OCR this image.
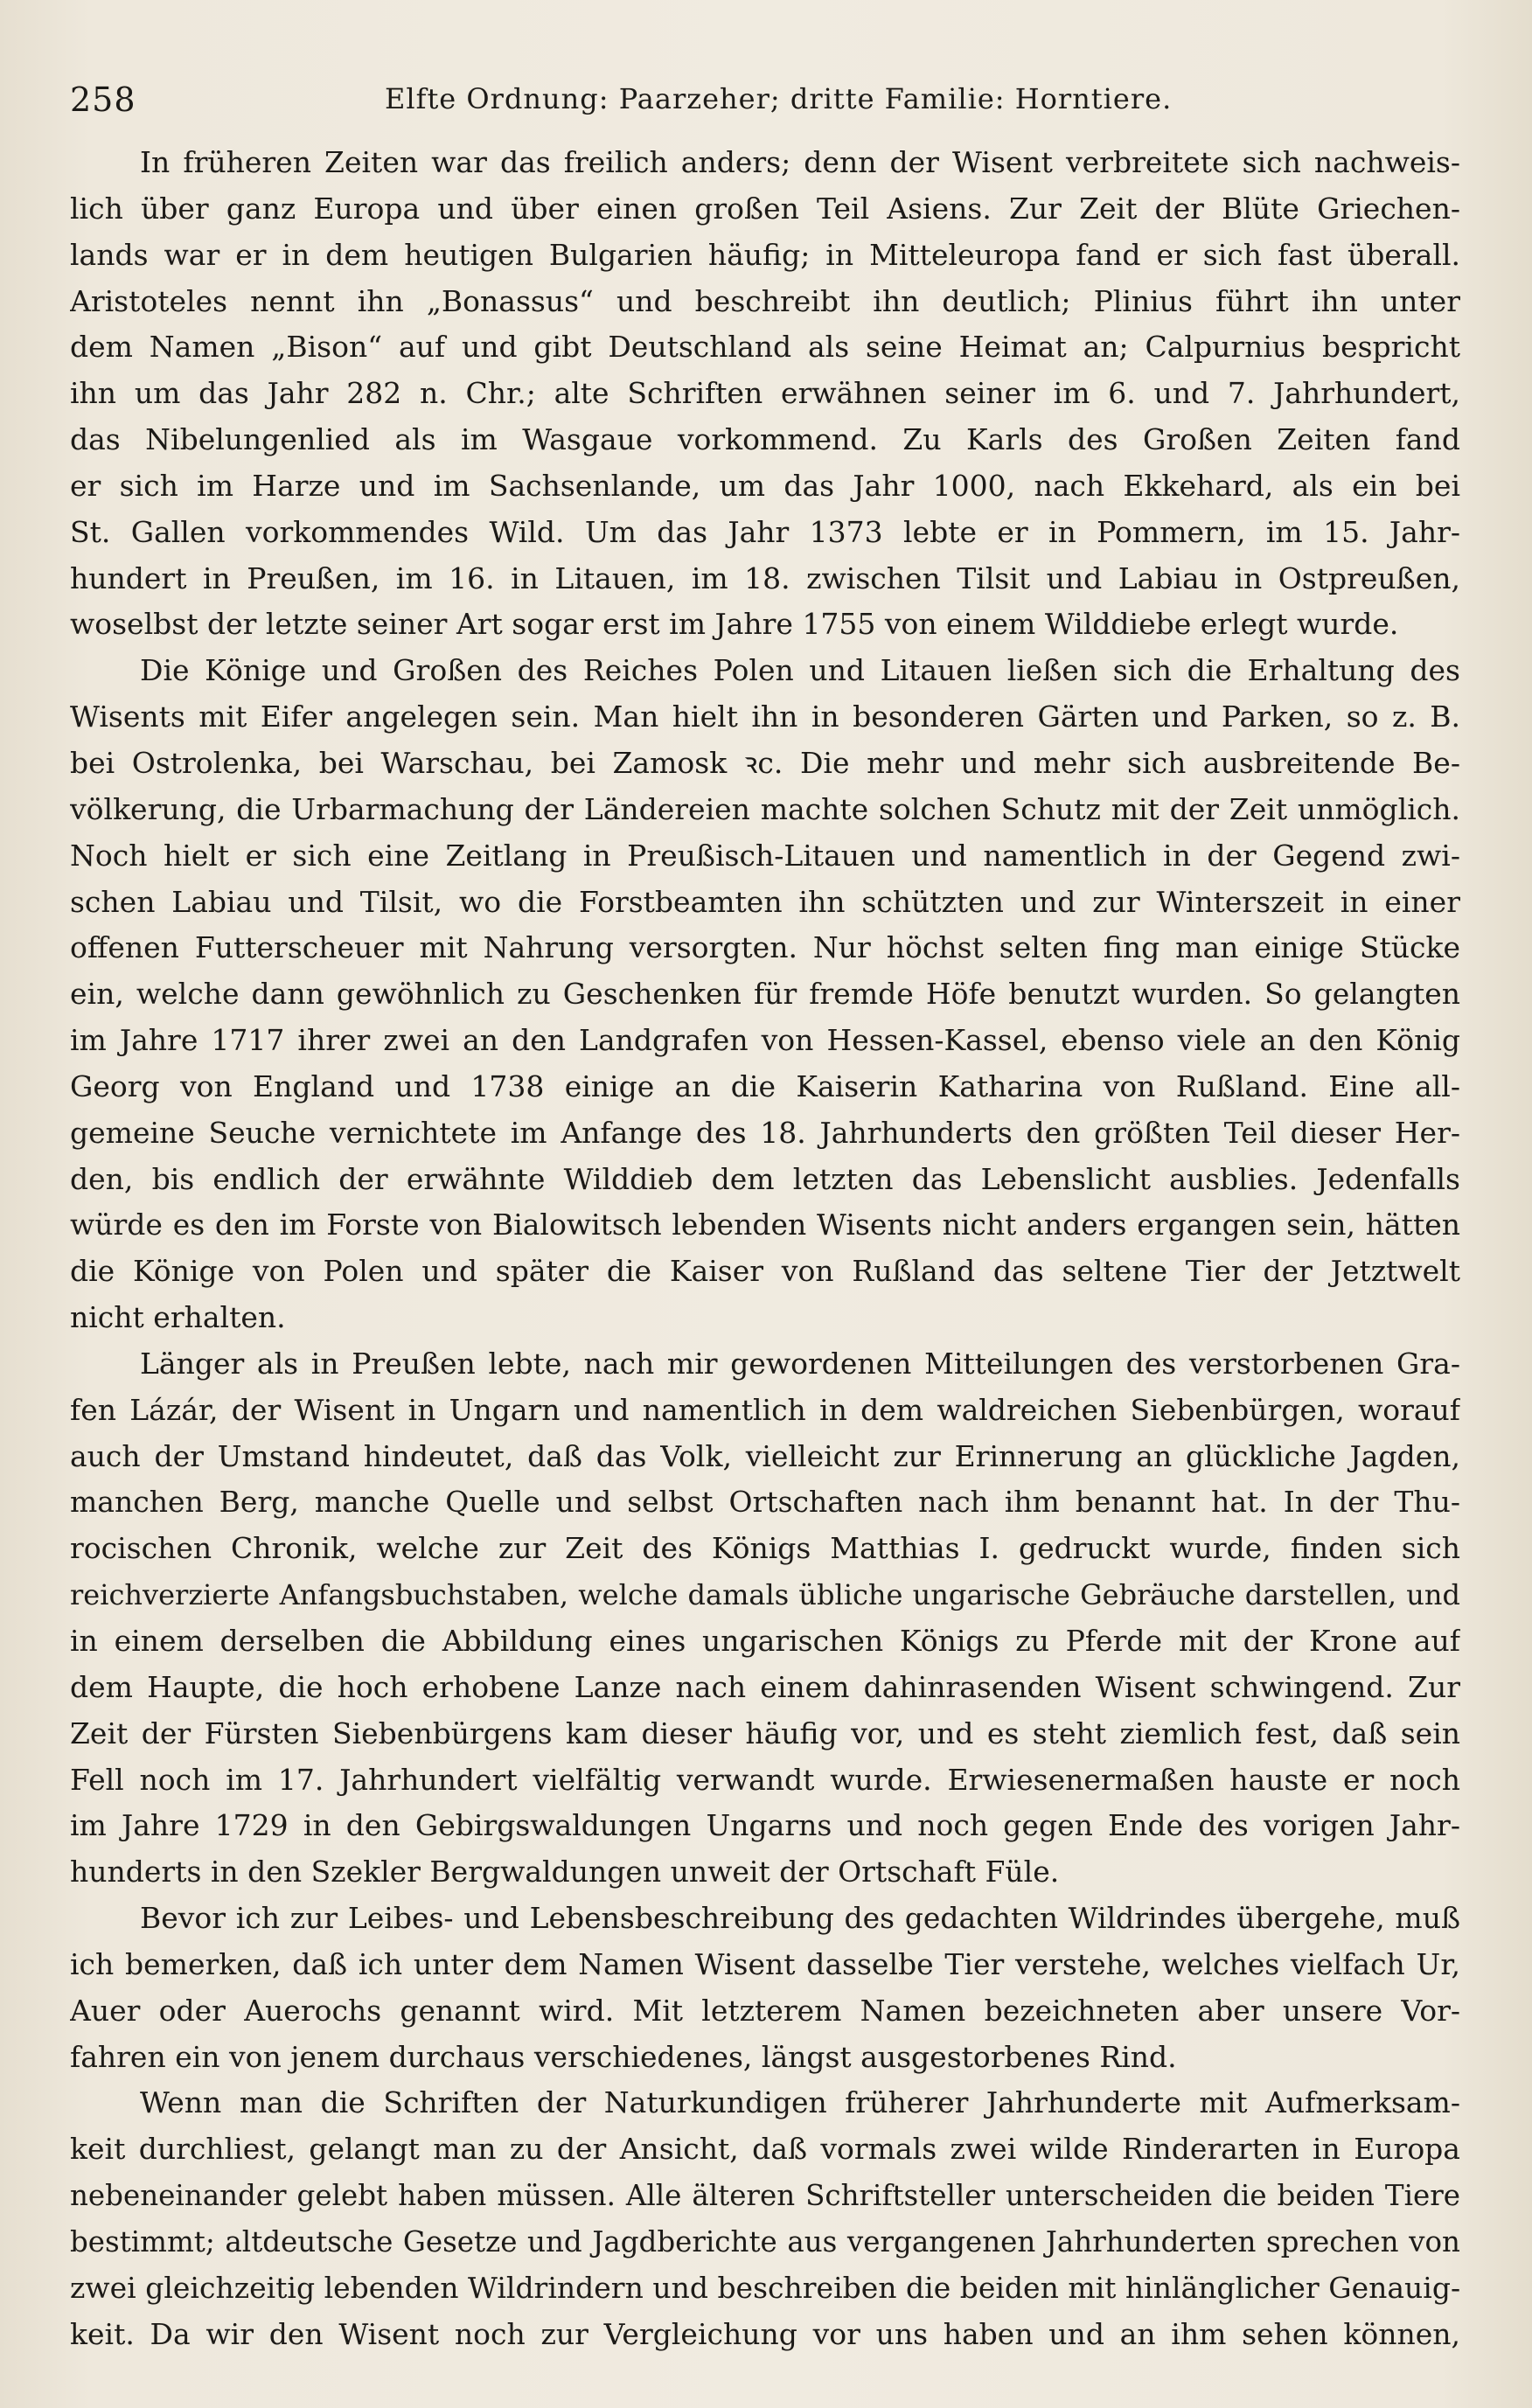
258	Elfte Ordnung: Paarzeher; dritte Familie: Horntiere.
In früheren Zeiten war das freilich anders; denn der Wisent verbreitete sich nachweis-
lich über ganz Europa und über einen großen Teil Asiens. Zur Zeit der Blüte Griechen-
lands war er in dem heutigen Bulgarien häufig; in Mitteleuropa fand er sich fast überall.
Aristoteles nennt ihn „Bonassus“ und beschreibt ihn deutlich; Plinius führt ihn unter
dem Namen „Bison“ auf und gibt Deutschland als seine Heimat an; Calpurnius bespricht
ihn um das Jahr 282 n. Chr.; alte Schriften erwähnen seiner im 6. und 7. Jahrhundert,
das Nibelungenlied als im Wasgaue vorkommend. Zu Karls des Großen Zeiten fand
er sich im Harze und im Sachsenlande, um das Jahr 1000, nach Ekkehard, als ein bei
St. Gallen vorkommendes Wild. Um das Jahr 1373 lebte er in Pommern, im 15. Jahr-
hundert in Preußen, im 16. in Litauen, im 18. zwischen Tilsit und Labiau in Ostpreußen,
woselbst der letzte seiner Art sogar erst im Jahre 1755 von einem Wilddiebe erlegt wurde.
Die Könige und Großen des Reiches Polen und Litauen ließen sich die Erhaltung des
Wisents mit Eifer angelegen sein. Man hielt ihn in besonderen Gärten und Parken, so z. B.
bei Ostrolenka, bei Warschau, bei Zamosk ꝛc. Die mehr und mehr sich ausbreitende Be-
völkerung, die Urbarmachung der Ländereien machte solchen Schutz mit der Zeit unmöglich.
Noch hielt er sich eine Zeitlang in Preußisch-Litauen und namentlich in der Gegend zwi-
schen Labiau und Tilsit, wo die Forstbeamten ihn schützten und zur Winterszeit in einer
offenen Futterscheuer mit Nahrung versorgten. Nur höchst selten fing man einige Stücke
ein, welche dann gewöhnlich zu Geschenken für fremde Höfe benutzt wurden. So gelangten
im Jahre 1717 ihrer zwei an den Landgrafen von Hessen-Kassel, ebenso viele an den König
Georg von England und 1738 einige an die Kaiserin Katharina von Rußland. Eine all-
gemeine Seuche vernichtete im Anfange des 18. Jahrhunderts den größten Teil dieser Her-
den, bis endlich der erwähnte Wilddieb dem letzten das Lebenslicht ausblies. Jedenfalls
würde es den im Forste von Bialowitsch lebenden Wisents nicht anders ergangen sein, hätten
die Könige von Polen und später die Kaiser von Rußland das seltene Tier der Jetztwelt
nicht erhalten.
Länger als in Preußen lebte, nach mir gewordenen Mitteilungen des verstorbenen Gra-
fen Lázár, der Wisent in Ungarn und namentlich in dem waldreichen Siebenbürgen, worauf
auch der Umstand hindeutet, daß das Volk, vielleicht zur Erinnerung an glückliche Jagden,
manchen Berg, manche Quelle und selbst Ortschaften nach ihm benannt hat. In der Thu-
rocischen Chronik, welche zur Zeit des Königs Matthias I. gedruckt wurde, finden sich
reichverzierte Anfangsbuchstaben, welche damals übliche ungarische Gebräuche darstellen, und
in einem derselben die Abbildung eines ungarischen Königs zu Pferde mit der Krone auf
dem Haupte, die hoch erhobene Lanze nach einem dahinrasenden Wisent schwingend. Zur
Zeit der Fürsten Siebenbürgens kam dieser häufig vor, und es steht ziemlich fest, daß sein
Fell noch im 17. Jahrhundert vielfältig verwandt wurde. Erwiesenermaßen hauste er noch
im Jahre 1729 in den Gebirgswaldungen Ungarns und noch gegen Ende des vorigen Jahr-
hunderts in den Szekler Bergwaldungen unweit der Ortschaft Füle.
Bevor ich zur Leibes- und Lebensbeschreibung des gedachten Wildrindes übergehe, muß
ich bemerken, daß ich unter dem Namen Wisent dasselbe Tier verstehe, welches vielfach Ur,
Auer oder Auerochs genannt wird. Mit letzterem Namen bezeichneten aber unsere Vor-
fahren ein von jenem durchaus verschiedenes, längst ausgestorbenes Rind.
Wenn man die Schriften der Naturkundigen früherer Jahrhunderte mit Aufmerksam-
keit durchliest, gelangt man zu der Ansicht, daß vormals zwei wilde Rinderarten in Europa
nebeneinander gelebt haben müssen. Alle älteren Schriftsteller unterscheiden die beiden Tiere
bestimmt; altdeutsche Gesetze und Jagdberichte aus vergangenen Jahrhunderten sprechen von
zwei gleichzeitig lebenden Wildrindern und beschreiben die beiden mit hinlänglicher Genauig-
keit. Da wir den Wisent noch zur Vergleichung vor uns haben und an ihm sehen können,
